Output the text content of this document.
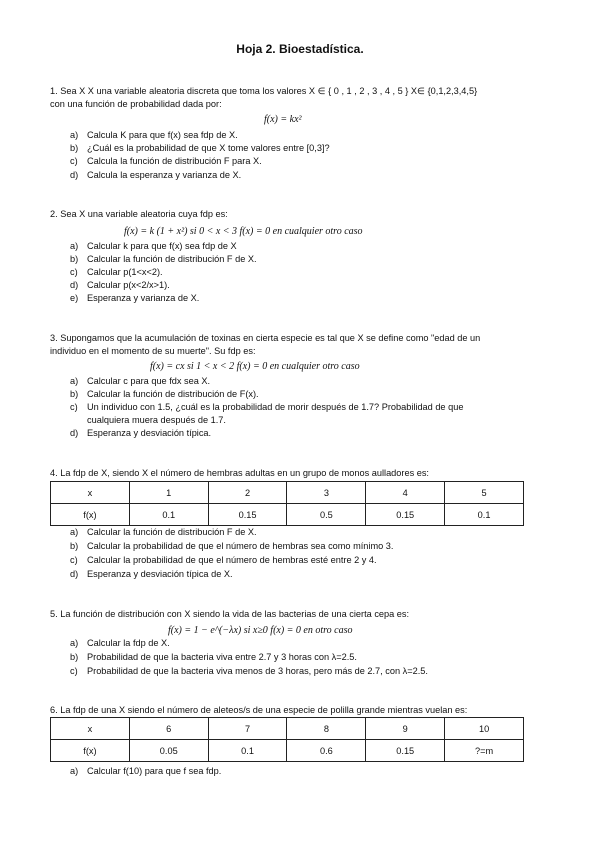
Hoja 2. Bioestadística.
1. Sea X X una variable aleatoria discreta que toma los valores X ∈ { 0 , 1 , 2 , 3 , 4 , 5 } X∈ {0,1,2,3,4,5}
con una función de probabilidad dada por:
f(x) = kx²
a) Calcula K para que f(x) sea fdp de X.
b) ¿Cuál es la probabilidad de que X tome valores entre [0,3]?
c) Calcula la función de distribución F para X.
d) Calcula la esperanza y varianza de X.
2. Sea X una variable aleatoria cuya fdp es:
f(x) = k (1 + x²) si 0 < x < 3 f(x) = 0 en cualquier otro caso
a) Calcular k para que f(x) sea fdp de X
b) Calcular la función de distribución F de X.
c) Calcular p(1<x<2).
d) Calcular p(x<2/x>1).
e) Esperanza y varianza de X.
3. Supongamos que la acumulación de toxinas en cierta especie es tal que X se define como "edad de un
individuo en el momento de su muerte". Su fdp es:
f(x) = cx si 1 < x < 2 f(x) = 0 en cualquier otro caso
a) Calcular c para que fdx sea X.
b) Calcular la función de distribución de F(x).
c) Un individuo con 1.5, ¿cuál es la probabilidad de morir después de 1.7? Probabilidad de que
cualquiera muera después de 1.7.
d) Esperanza y desviación típica.
4. La fdp de X, siendo X el número de hembras adultas en un grupo de monos aulladores es:
x	1	2	3	4	5
f(x)	0.1	0.15	0.5	0.15	0.1
a) Calcular la función de distribución F de X.
b) Calcular la probabilidad de que el número de hembras sea como mínimo 3.
c) Calcular la probabilidad de que el número de hembras esté entre 2 y 4.
d) Esperanza y desviación típica de X.
5. La función de distribución con X siendo la vida de las bacterias de una cierta cepa es:
f(x) = 1 − e^(−λx) si x≥0 f(x) = 0 en otro caso
a) Calcular la fdp de X.
b) Probabilidad de que la bacteria viva entre 2.7 y 3 horas con λ=2.5.
c) Probabilidad de que la bacteria viva menos de 3 horas, pero más de 2.7, con λ=2.5.
6. La fdp de una X siendo el número de aleteos/s de una especie de polilla grande mientras vuelan es:
x	6	7	8	9	10
f(x)	0.05	0.1	0.6	0.15	?=m
a) Calcular f(10) para que f sea fdp.
